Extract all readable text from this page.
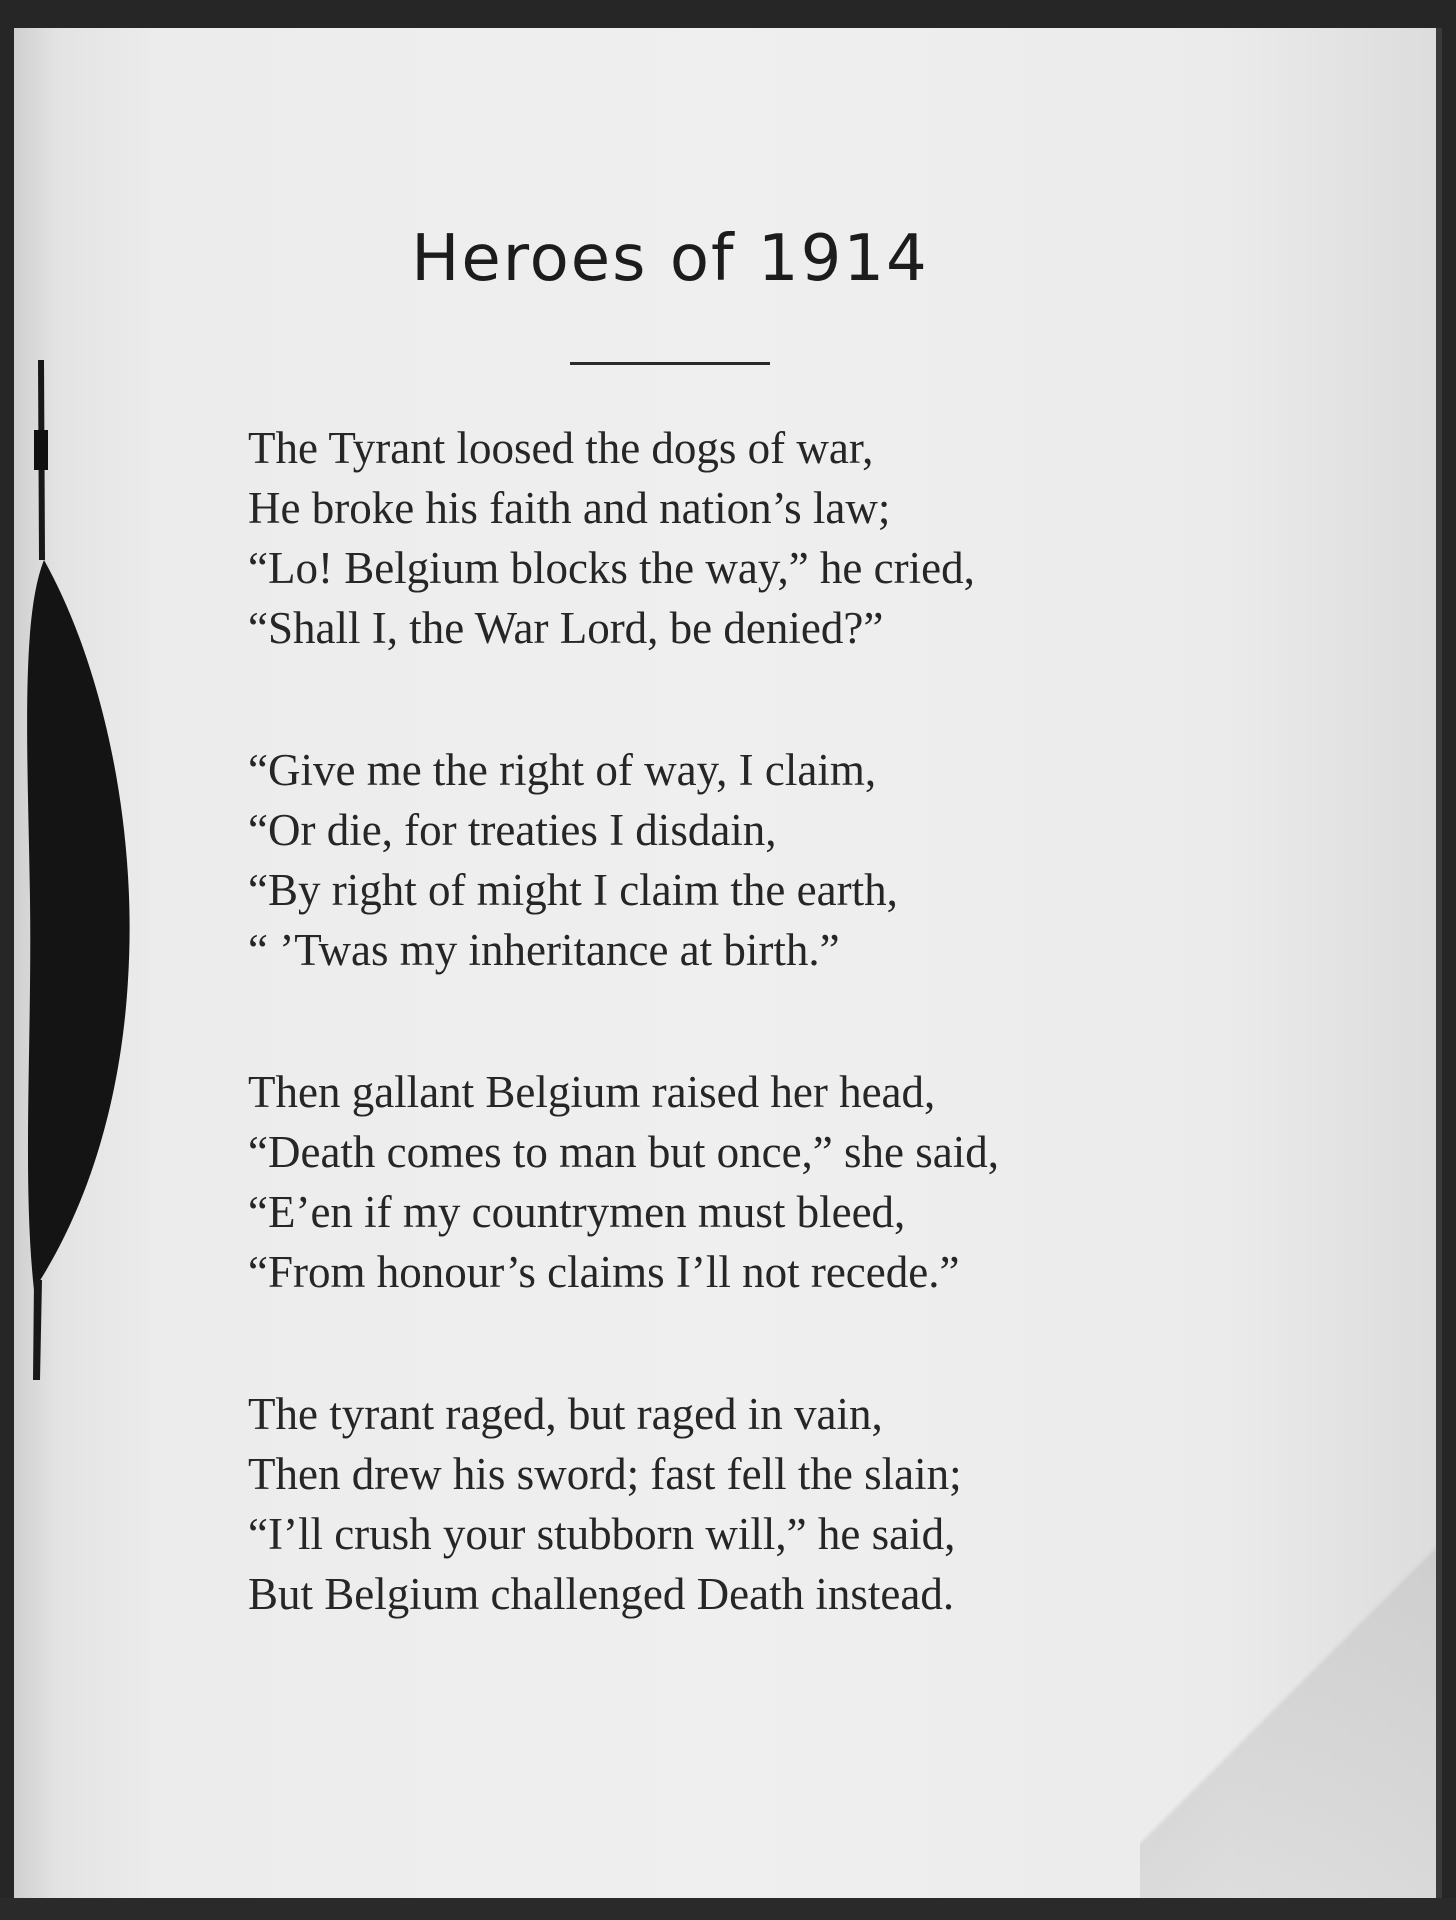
Heroes of 1914
The Tyrant loosed the dogs of war,
He broke his faith and nation’s law;
“Lo! Belgium blocks the way,” he cried,
“Shall I, the War Lord, be denied?”
“Give me the right of way, I claim,
“Or die, for treaties I disdain,
“By right of might I claim the earth,
“ ’Twas my inheritance at birth.”
Then gallant Belgium raised her head,
“Death comes to man but once,” she said,
“E’en if my countrymen must bleed,
“From honour’s claims I’ll not recede.”
The tyrant raged, but raged in vain,
Then drew his sword; fast fell the slain;
“I’ll crush your stubborn will,” he said,
But Belgium challenged Death instead.
